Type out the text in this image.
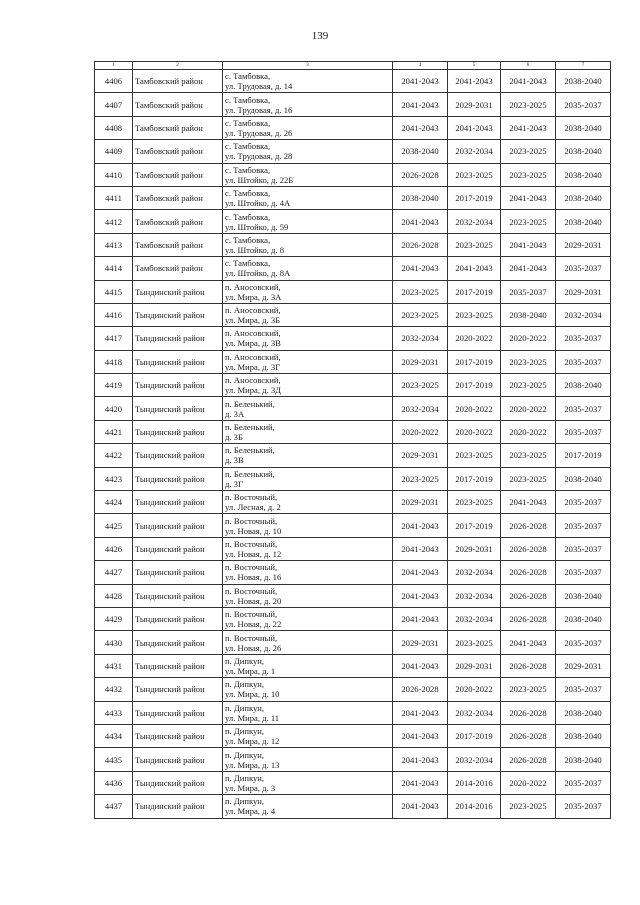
139
1	2	3	4	5	6	7
4406	Тамбовский район	с. Тамбовка,
ул. Трудовая, д. 14	2041-2043	2041-2043	2041-2043	2038-2040
4407	Тамбовский район	с. Тамбовка,
ул. Трудовая, д. 16	2041-2043	2029-2031	2023-2025	2035-2037
4408	Тамбовский район	с. Тамбовка,
ул. Трудовая, д. 26	2041-2043	2041-2043	2041-2043	2038-2040
4409	Тамбовский район	с. Тамбовка,
ул. Трудовая, д. 28	2038-2040	2032-2034	2023-2025	2038-2040
4410	Тамбовский район	с. Тамбовка,
ул. Штойко, д. 22Б	2026-2028	2023-2025	2023-2025	2038-2040
4411	Тамбовский район	с. Тамбовка,
ул. Штойко, д. 4А	2038-2040	2017-2019	2041-2043	2038-2040
4412	Тамбовский район	с. Тамбовка,
ул. Штойко, д. 59	2041-2043	2032-2034	2023-2025	2038-2040
4413	Тамбовский район	с. Тамбовка,
ул. Штойко, д. 8	2026-2028	2023-2025	2041-2043	2029-2031
4414	Тамбовский район	с. Тамбовка,
ул. Штойко, д. 8А	2041-2043	2041-2043	2041-2043	2035-2037
4415	Тындинский район	п. Аносовский,
ул. Мира, д. 3А	2023-2025	2017-2019	2035-2037	2029-2031
4416	Тындинский район	п. Аносовский,
ул. Мира, д. 3Б	2023-2025	2023-2025	2038-2040	2032-2034
4417	Тындинский район	п. Аносовский,
ул. Мира, д. 3В	2032-2034	2020-2022	2020-2022	2035-2037
4418	Тындинский район	п. Аносовский,
ул. Мира, д. 3Г	2029-2031	2017-2019	2023-2025	2035-2037
4419	Тындинский район	п. Аносовский,
ул. Мира, д. 3Д	2023-2025	2017-2019	2023-2025	2038-2040
4420	Тындинский район	п. Беленький,
д. 3А	2032-2034	2020-2022	2020-2022	2035-2037
4421	Тындинский район	п. Беленький,
д. 3Б	2020-2022	2020-2022	2020-2022	2035-2037
4422	Тындинский район	п. Беленький,
д. 3В	2029-2031	2023-2025	2023-2025	2017-2019
4423	Тындинский район	п. Беленький,
д. 3Г	2023-2025	2017-2019	2023-2025	2038-2040
4424	Тындинский район	п. Восточный,
ул. Лесная, д. 2	2029-2031	2023-2025	2041-2043	2035-2037
4425	Тындинский район	п. Восточный,
ул. Новая, д. 10	2041-2043	2017-2019	2026-2028	2035-2037
4426	Тындинский район	п. Восточный,
ул. Новая, д. 12	2041-2043	2029-2031	2026-2028	2035-2037
4427	Тындинский район	п. Восточный,
ул. Новая, д. 16	2041-2043	2032-2034	2026-2028	2035-2037
4428	Тындинский район	п. Восточный,
ул. Новая, д. 20	2041-2043	2032-2034	2026-2028	2038-2040
4429	Тындинский район	п. Восточный,
ул. Новая, д. 22	2041-2043	2032-2034	2026-2028	2038-2040
4430	Тындинский район	п. Восточный,
ул. Новая, д. 26	2029-2031	2023-2025	2041-2043	2035-2037
4431	Тындинский район	п. Дипкун,
ул. Мира, д. 1	2041-2043	2029-2031	2026-2028	2029-2031
4432	Тындинский район	п. Дипкун,
ул. Мира, д. 10	2026-2028	2020-2022	2023-2025	2035-2037
4433	Тындинский район	п. Дипкун,
ул. Мира, д. 11	2041-2043	2032-2034	2026-2028	2038-2040
4434	Тындинский район	п. Дипкун,
ул. Мира, д. 12	2041-2043	2017-2019	2026-2028	2038-2040
4435	Тындинский район	п. Дипкун,
ул. Мира, д. 13	2041-2043	2032-2034	2026-2028	2038-2040
4436	Тындинский район	п. Дипкун,
ул. Мира, д. 3	2041-2043	2014-2016	2020-2022	2035-2037
4437	Тындинский район	п. Дипкун,
ул. Мира, д. 4	2041-2043	2014-2016	2023-2025	2035-2037
